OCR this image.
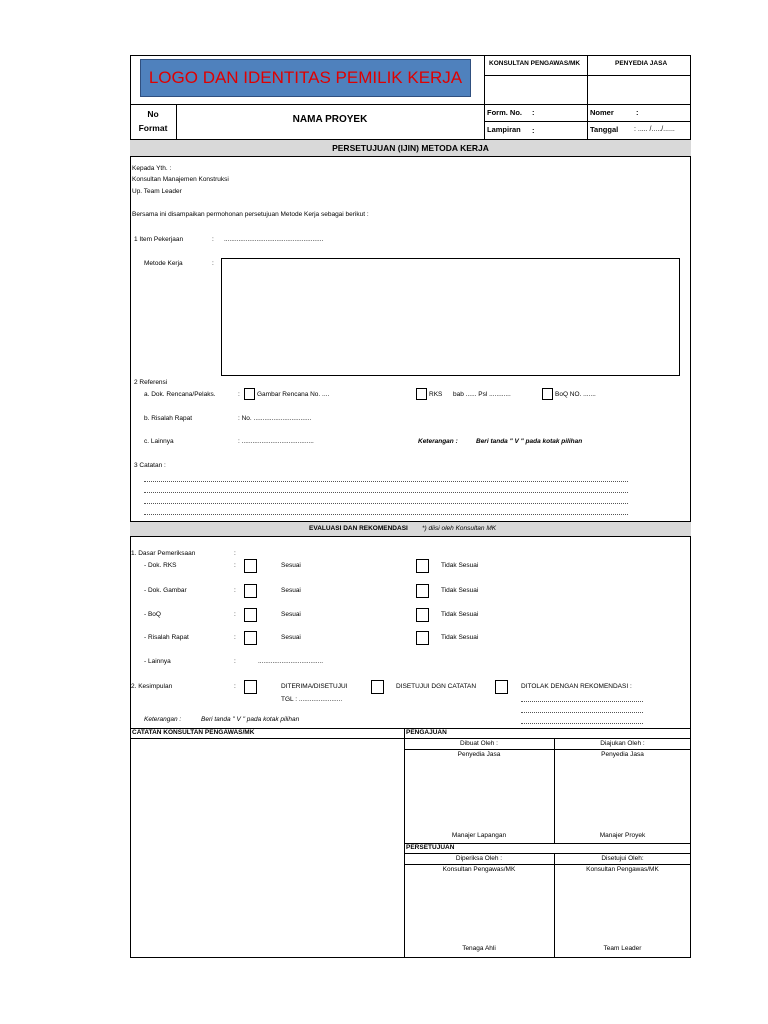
LOGO DAN IDENTITAS PEMILIK KERJA
KONSULTAN PENGAWAS/MK	PENYEDIA JASA
No
Format
NAMA PROYEK
Form. No. :
Lampiran :
Nomer	:
Tanggal : ..... /...../......
PERSETUJUAN (IJIN) METODA KERJA
Kepada Yth. :
Konsultan Manajemen Konstruksi
Up. Team Leader
Bersama ini disampaikan permohonan persetujuan Metode Kerja sebagai berikut :
1 Item Pekerjaan	: .......................................................
Metode Kerja	:
2 Referensi
a. Dok. Rencana/Pelaks.	:	Gambar Rencana No. ....	RKS bab ...... Psl ............	BoQ NO. .......
b. Risalah Rapat	: No. ................................
c. Lainnya	: ........................................	Keterangan :	Beri tanda " V " pada kotak pilihan
3 Catatan :
EVALUASI DAN REKOMENDASI *) diisi oleh Konsultan MK
1. Dasar Pemeriksaan	:
- Dok. RKS	:	Sesuai	Tidak Sesuai
- Dok. Gambar	:	Sesuai	Tidak Sesuai
- BoQ	:	Sesuai	Tidak Sesuai
- Risalah Rapat	:	Sesuai	Tidak Sesuai
- Lainnya	:	....................................
2. Kesimpulan	:	DITERIMA/DISETUJUI
TGL : ........................
DISETUJUI DGN CATATAN	DITOLAK DENGAN REKOMENDASI :
Keterangan :	Beri tanda " V " pada kotak pilihan
CATATAN KONSULTAN PENGAWAS/MK	PENGAJUAN
Dibuat Oleh :	Diajukan Oleh :
Penyedia Jasa	Penyedia Jasa
Manajer Lapangan	Manajer Proyek
PERSETUJUAN
Diperiksa Oleh :	Disetujui Oleh:
Konsultan Pengawas/MK	Konsultan Pengawas/MK
Tenaga Ahli	Team Leader
